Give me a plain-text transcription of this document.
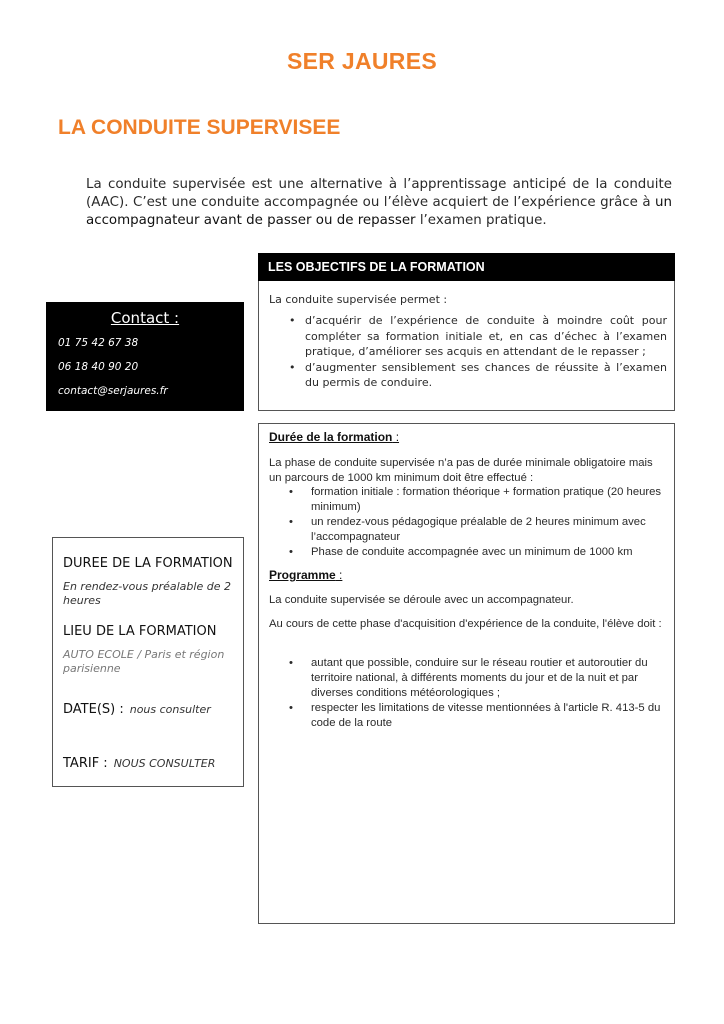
SER JAURES
LA CONDUITE SUPERVISEE
La conduite supervisée est une alternative à l’apprentissage anticipé de la conduite (AAC). C’est une conduite accompagnée ou l’élève acquiert de l’expérience grâce à un accompagnateur avant de passer ou de repasser l’examen pratique.
Contact :
01 75 42 67 38
06 18 40 90 20
contact@serjaures.fr
LES OBJECTIFS DE LA FORMATION
La conduite supervisée permet :
• d’acquérir de l’expérience de conduite à moindre coût pour compléter sa formation initiale et, en cas d’échec à l’examen pratique, d’améliorer ses acquis en attendant de le repasser ;
• d’augmenter sensiblement ses chances de réussite à l’examen du permis de conduire.
Durée de la formation :
La phase de conduite supervisée n’a pas de durée minimale obligatoire mais un parcours de 1000 km minimum doit être effectué :
• formation initiale : formation théorique + formation pratique (20 heures minimum)
• un rendez-vous pédagogique préalable de 2 heures minimum avec l’accompagnateur
• Phase de conduite accompagnée avec un minimum de 1000 km
Programme :
La conduite supervisée se déroule avec un accompagnateur.
Au cours de cette phase d'acquisition d'expérience de la conduite, l'élève doit :
• autant que possible, conduire sur le réseau routier et autoroutier du territoire national, à différents moments du jour et de la nuit et par diverses conditions météorologiques ;
• respecter les limitations de vitesse mentionnées à l'article R. 413-5 du code de la route
DUREE DE LA FORMATION
En rendez-vous préalable de 2 heures
LIEU DE LA FORMATION
AUTO ECOLE / Paris et région parisienne
DATE(S) : nous consulter
TARIF : NOUS CONSULTER
